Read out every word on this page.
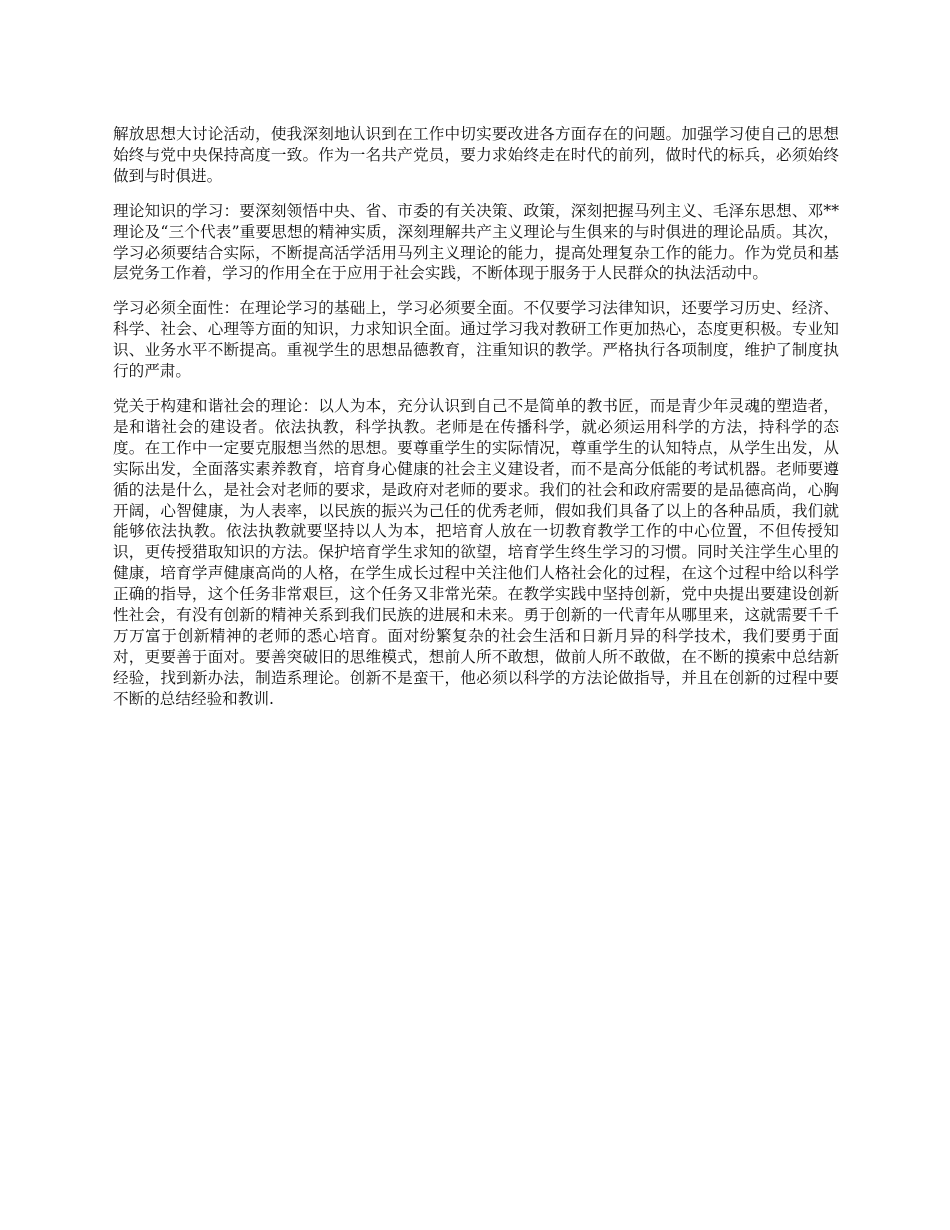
解放思想大讨论活动，使我深刻地认识到在工作中切实要改进各方面存在的问题。加强学习使自己的思想始终与党中央保持高度一致。作为一名共产党员，要力求始终走在时代的前列，做时代的标兵，必须始终做到与时俱进。

理论知识的学习：要深刻领悟中央、省、市委的有关决策、政策，深刻把握马列主义、毛泽东思想、邓**理论及“三个代表”重要思想的精神实质，深刻理解共产主义理论与生俱来的与时俱进的理论品质。其次，学习必须要结合实际，不断提高活学活用马列主义理论的能力，提高处理复杂工作的能力。作为党员和基层党务工作着，学习的作用全在于应用于社会实践，不断体现于服务于人民群众的执法活动中。

学习必须全面性：在理论学习的基础上，学习必须要全面。不仅要学习法律知识，还要学习历史、经济、科学、社会、心理等方面的知识，力求知识全面。通过学习我对教研工作更加热心，态度更积极。专业知识、业务水平不断提高。重视学生的思想品德教育，注重知识的教学。严格执行各项制度，维护了制度执行的严肃。

党关于构建和谐社会的理论：以人为本，充分认识到自己不是简单的教书匠，而是青少年灵魂的塑造者，是和谐社会的建设者。依法执教，科学执教。老师是在传播科学，就必须运用科学的方法，持科学的态度。在工作中一定要克服想当然的思想。要尊重学生的实际情况，尊重学生的认知特点，从学生出发，从实际出发，全面落实素养教育，培育身心健康的社会主义建设者，而不是高分低能的考试机器。老师要遵循的法是什么，是社会对老师的要求，是政府对老师的要求。我们的社会和政府需要的是品德高尚，心胸开阔，心智健康，为人表率，以民族的振兴为己任的优秀老师，假如我们具备了以上的各种品质，我们就能够依法执教。依法执教就要坚持以人为本，把培育人放在一切教育教学工作的中心位置，不但传授知识，更传授猎取知识的方法。保护培育学生求知的欲望，培育学生终生学习的习惯。同时关注学生心里的健康，培育学声健康高尚的人格，在学生成长过程中关注他们人格社会化的过程，在这个过程中给以科学正确的指导，这个任务非常艰巨，这个任务又非常光荣。在教学实践中坚持创新，党中央提出要建设创新性社会，有没有创新的精神关系到我们民族的进展和未来。勇于创新的一代青年从哪里来，这就需要千千万万富于创新精神的老师的悉心培育。面对纷繁复杂的社会生活和日新月异的科学技术，我们要勇于面对，更要善于面对。要善突破旧的思维模式，想前人所不敢想，做前人所不敢做，在不断的摸索中总结新经验，找到新办法，制造系理论。创新不是蛮干，他必须以科学的方法论做指导，并且在创新的过程中要不断的总结经验和教训.
